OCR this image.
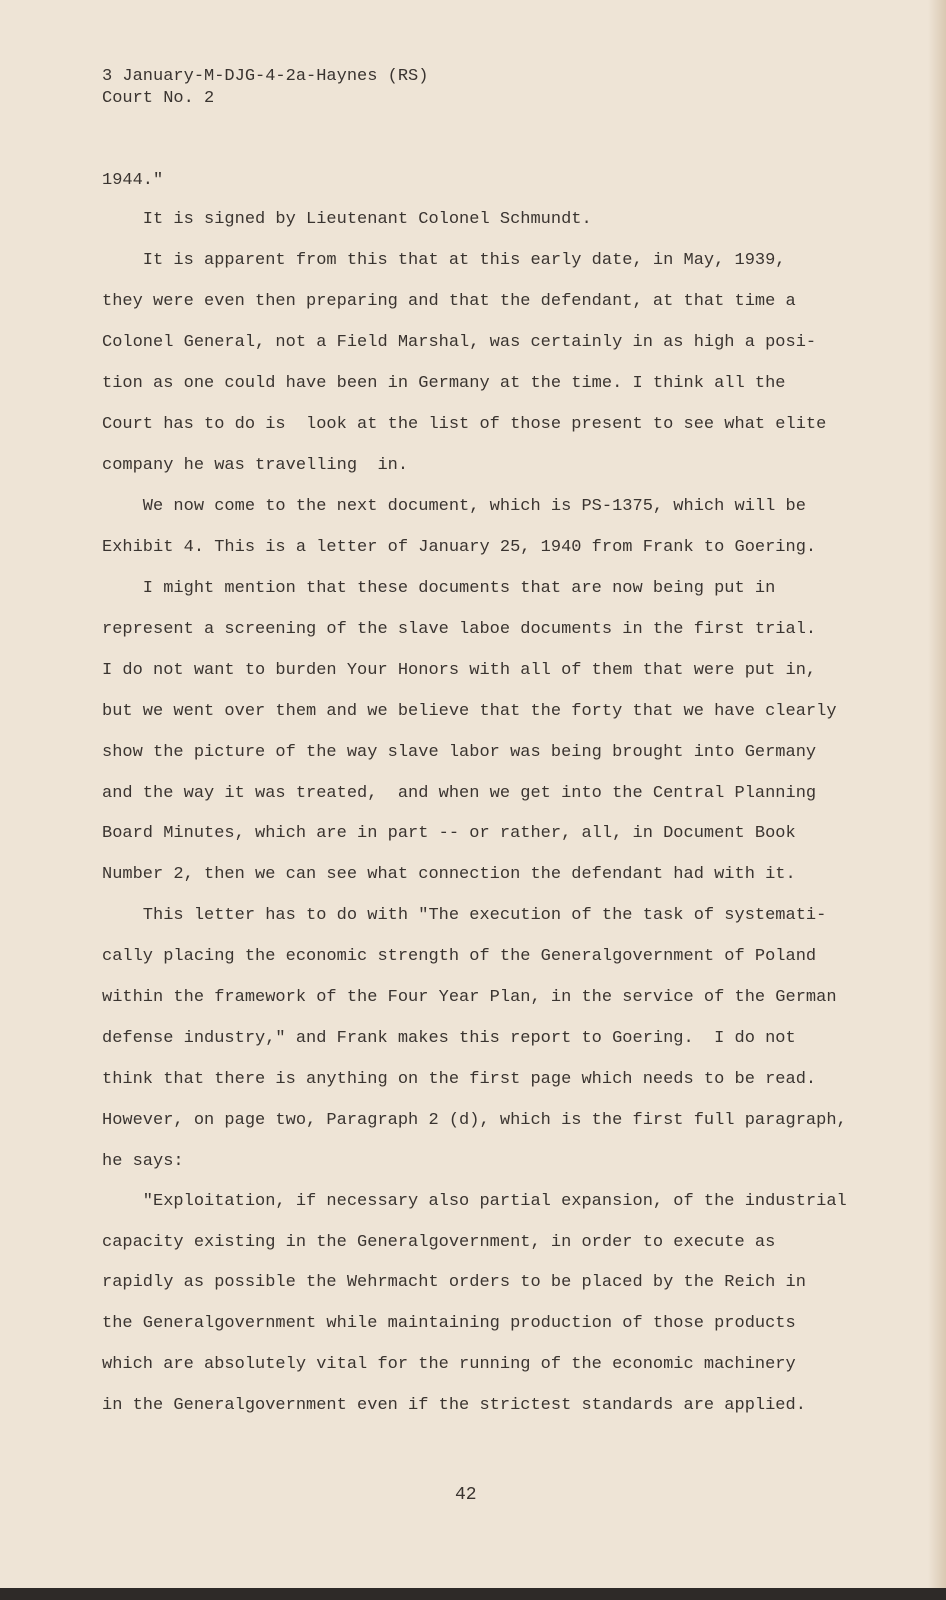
3 January-M-DJG-4-2a-Haynes (RS)
Court No. 2
1944."
It is signed by Lieutenant Colonel Schmundt.
It is apparent from this that at this early date, in May, 1939,
they were even then preparing and that the defendant, at that time a
Colonel General, not a Field Marshal, was certainly in as high a posi-
tion as one could have been in Germany at the time. I think all the
Court has to do is  look at the list of those present to see what elite
company he was travelling  in.
We now come to the next document, which is PS-1375, which will be
Exhibit 4. This is a letter of January 25, 1940 from Frank to Goering.
I might mention that these documents that are now being put in
represent a screening of the slave laboe documents in the first trial.
I do not want to burden Your Honors with all of them that were put in,
but we went over them and we believe that the forty that we have clearly
show the picture of the way slave labor was being brought into Germany
and the way it was treated,  and when we get into the Central Planning
Board Minutes, which are in part -- or rather, all, in Document Book
Number 2, then we can see what connection the defendant had with it.
This letter has to do with "The execution of the task of systemati-
cally placing the economic strength of the Generalgovernment of Poland
within the framework of the Four Year Plan, in the service of the German
defense industry," and Frank makes this report to Goering.  I do not
think that there is anything on the first page which needs to be read.
However, on page two, Paragraph 2 (d), which is the first full paragraph,
he says:
"Exploitation, if necessary also partial expansion, of the industrial
capacity existing in the Generalgovernment, in order to execute as
rapidly as possible the Wehrmacht orders to be placed by the Reich in
the Generalgovernment while maintaining production of those products
which are absolutely vital for the running of the economic machinery
in the Generalgovernment even if the strictest standards are applied.
42
